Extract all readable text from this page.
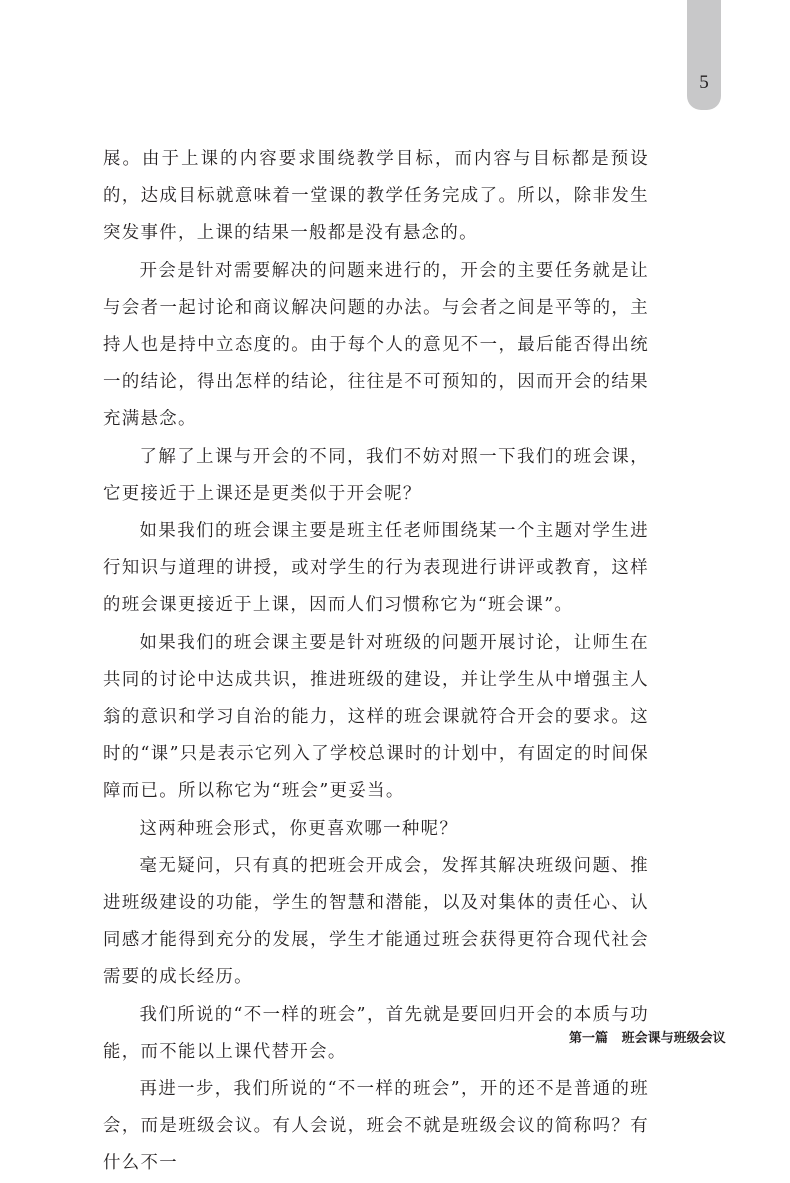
5

展。由于上课的内容要求围绕教学目标，而内容与目标都是预设的，达成目标就意味着一堂课的教学任务完成了。所以，除非发生突发事件，上课的结果一般都是没有悬念的。

开会是针对需要解决的问题来进行的，开会的主要任务就是让与会者一起讨论和商议解决问题的办法。与会者之间是平等的，主持人也是持中立态度的。由于每个人的意见不一，最后能否得出统一的结论，得出怎样的结论，往往是不可预知的，因而开会的结果充满悬念。

了解了上课与开会的不同，我们不妨对照一下我们的班会课，它更接近于上课还是更类似于开会呢？

如果我们的班会课主要是班主任老师围绕某一个主题对学生进行知识与道理的讲授，或对学生的行为表现进行讲评或教育，这样的班会课更接近于上课，因而人们习惯称它为“班会课”。

如果我们的班会课主要是针对班级的问题开展讨论，让师生在共同的讨论中达成共识，推进班级的建设，并让学生从中增强主人翁的意识和学习自治的能力，这样的班会课就符合开会的要求。这时的“课”只是表示它列入了学校总课时的计划中，有固定的时间保障而已。所以称它为“班会”更妥当。

这两种班会形式，你更喜欢哪一种呢？

毫无疑问，只有真的把班会开成会，发挥其解决班级问题、推进班级建设的功能，学生的智慧和潜能，以及对集体的责任心、认同感才能得到充分的发展，学生才能通过班会获得更符合现代社会需要的成长经历。

我们所说的“不一样的班会”，首先就是要回归开会的本质与功能，而不能以上课代替开会。

再进一步，我们所说的“不一样的班会”，开的还不是普通的班会，而是班级会议。有人会说，班会不就是班级会议的简称吗？有什么不一

第一篇 班会课与班级会议
